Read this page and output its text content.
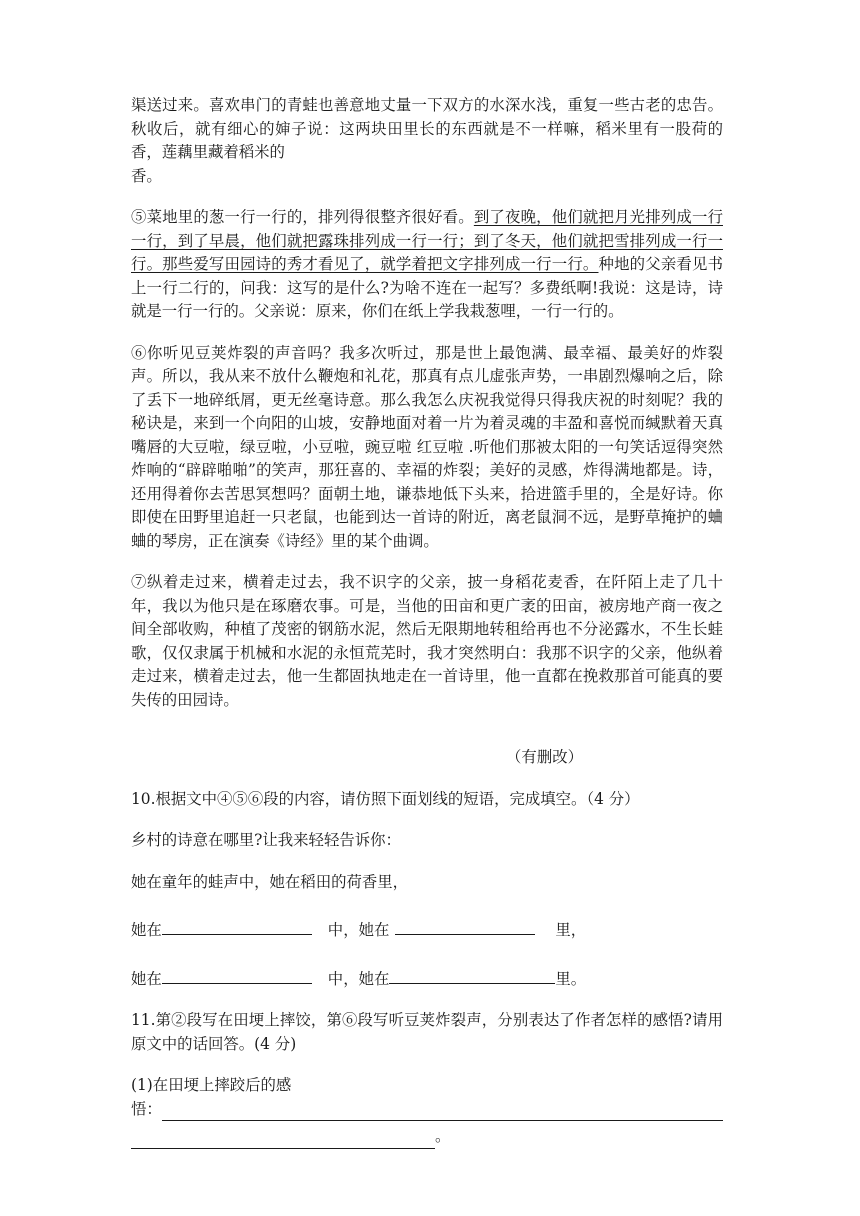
渠送过来。喜欢串门的青蛙也善意地丈量一下双方的水深水浅，重复一些古老的忠告。秋收后，就有细心的婶子说：这两块田里长的东西就是不一样嘛，稻米里有一股荷的香，莲藕里藏着稻米的
香。

⑤菜地里的葱一行一行的，排列得很整齐很好看。到了夜晚，他们就把月光排列成一行一行，到了早晨，他们就把露珠排列成一行一行；到了冬天，他们就把雪排列成一行一行。那些爱写田园诗的秀才看见了，就学着把文字排列成一行一行。种地的父亲看见书上一行二行的，问我：这写的是什么?为啥不连在一起写？多费纸啊!我说：这是诗，诗就是一行一行的。父亲说：原来，你们在纸上学我栽葱哩，一行一行的。

⑥你听见豆荚炸裂的声音吗？我多次听过，那是世上最饱满、最幸福、最美好的炸裂声。所以，我从来不放什么鞭炮和礼花，那真有点儿虚张声势，一串剧烈爆响之后，除了丢下一地碎纸屑，更无丝毫诗意。那么我怎么庆祝我觉得只得我庆祝的时刻呢？我的秘诀是，来到一个向阳的山坡，安静地面对着一片为着灵魂的丰盈和喜悦而缄默着天真嘴唇的大豆啦，绿豆啦，小豆啦，豌豆啦 红豆啦 .听他们那被太阳的一句笑话逗得突然炸响的“辟辟啪啪”的笑声，那狂喜的、幸福的炸裂；美好的灵感，炸得满地都是。诗，还用得着你去苦思冥想吗？面朝土地，谦恭地低下头来，拾进篮手里的，全是好诗。你即使在田野里追赶一只老鼠，也能到达一首诗的附近，离老鼠洞不远，是野草掩护的蛐蛐的琴房，正在演奏《诗经》里的某个曲调。

⑦纵着走过来，横着走过去，我不识字的父亲，披一身稻花麦香，在阡陌上走了几十年，我以为他只是在琢磨农事。可是，当他的田亩和更广袤的田亩，被房地产商一夜之间全部收购，种植了茂密的钢筋水泥，然后无限期地转租给再也不分泌露水，不生长蛙歌，仅仅隶属于机械和水泥的永恒荒芜时，我才突然明白：我那不识字的父亲，他纵着走过来，横着走过去，他一生都固执地走在一首诗里，他一直都在挽救那首可能真的要失传的田园诗。

（有删改）

10.根据文中④⑤⑥段的内容，请仿照下面划线的短语，完成填空。（4 分）

乡村的诗意在哪里?让我来轻轻告诉你：

她在童年的蛙声中，她在稻田的荷香里，

她在	中，她在	里，
她在	中，她在	里。

11.第②段写在田埂上摔饺，第⑥段写听豆荚炸裂声，分别表达了作者怎样的感悟?请用原文中的话回答。(4 分)

(1)在田埂上摔跤后的感
悟：
。
